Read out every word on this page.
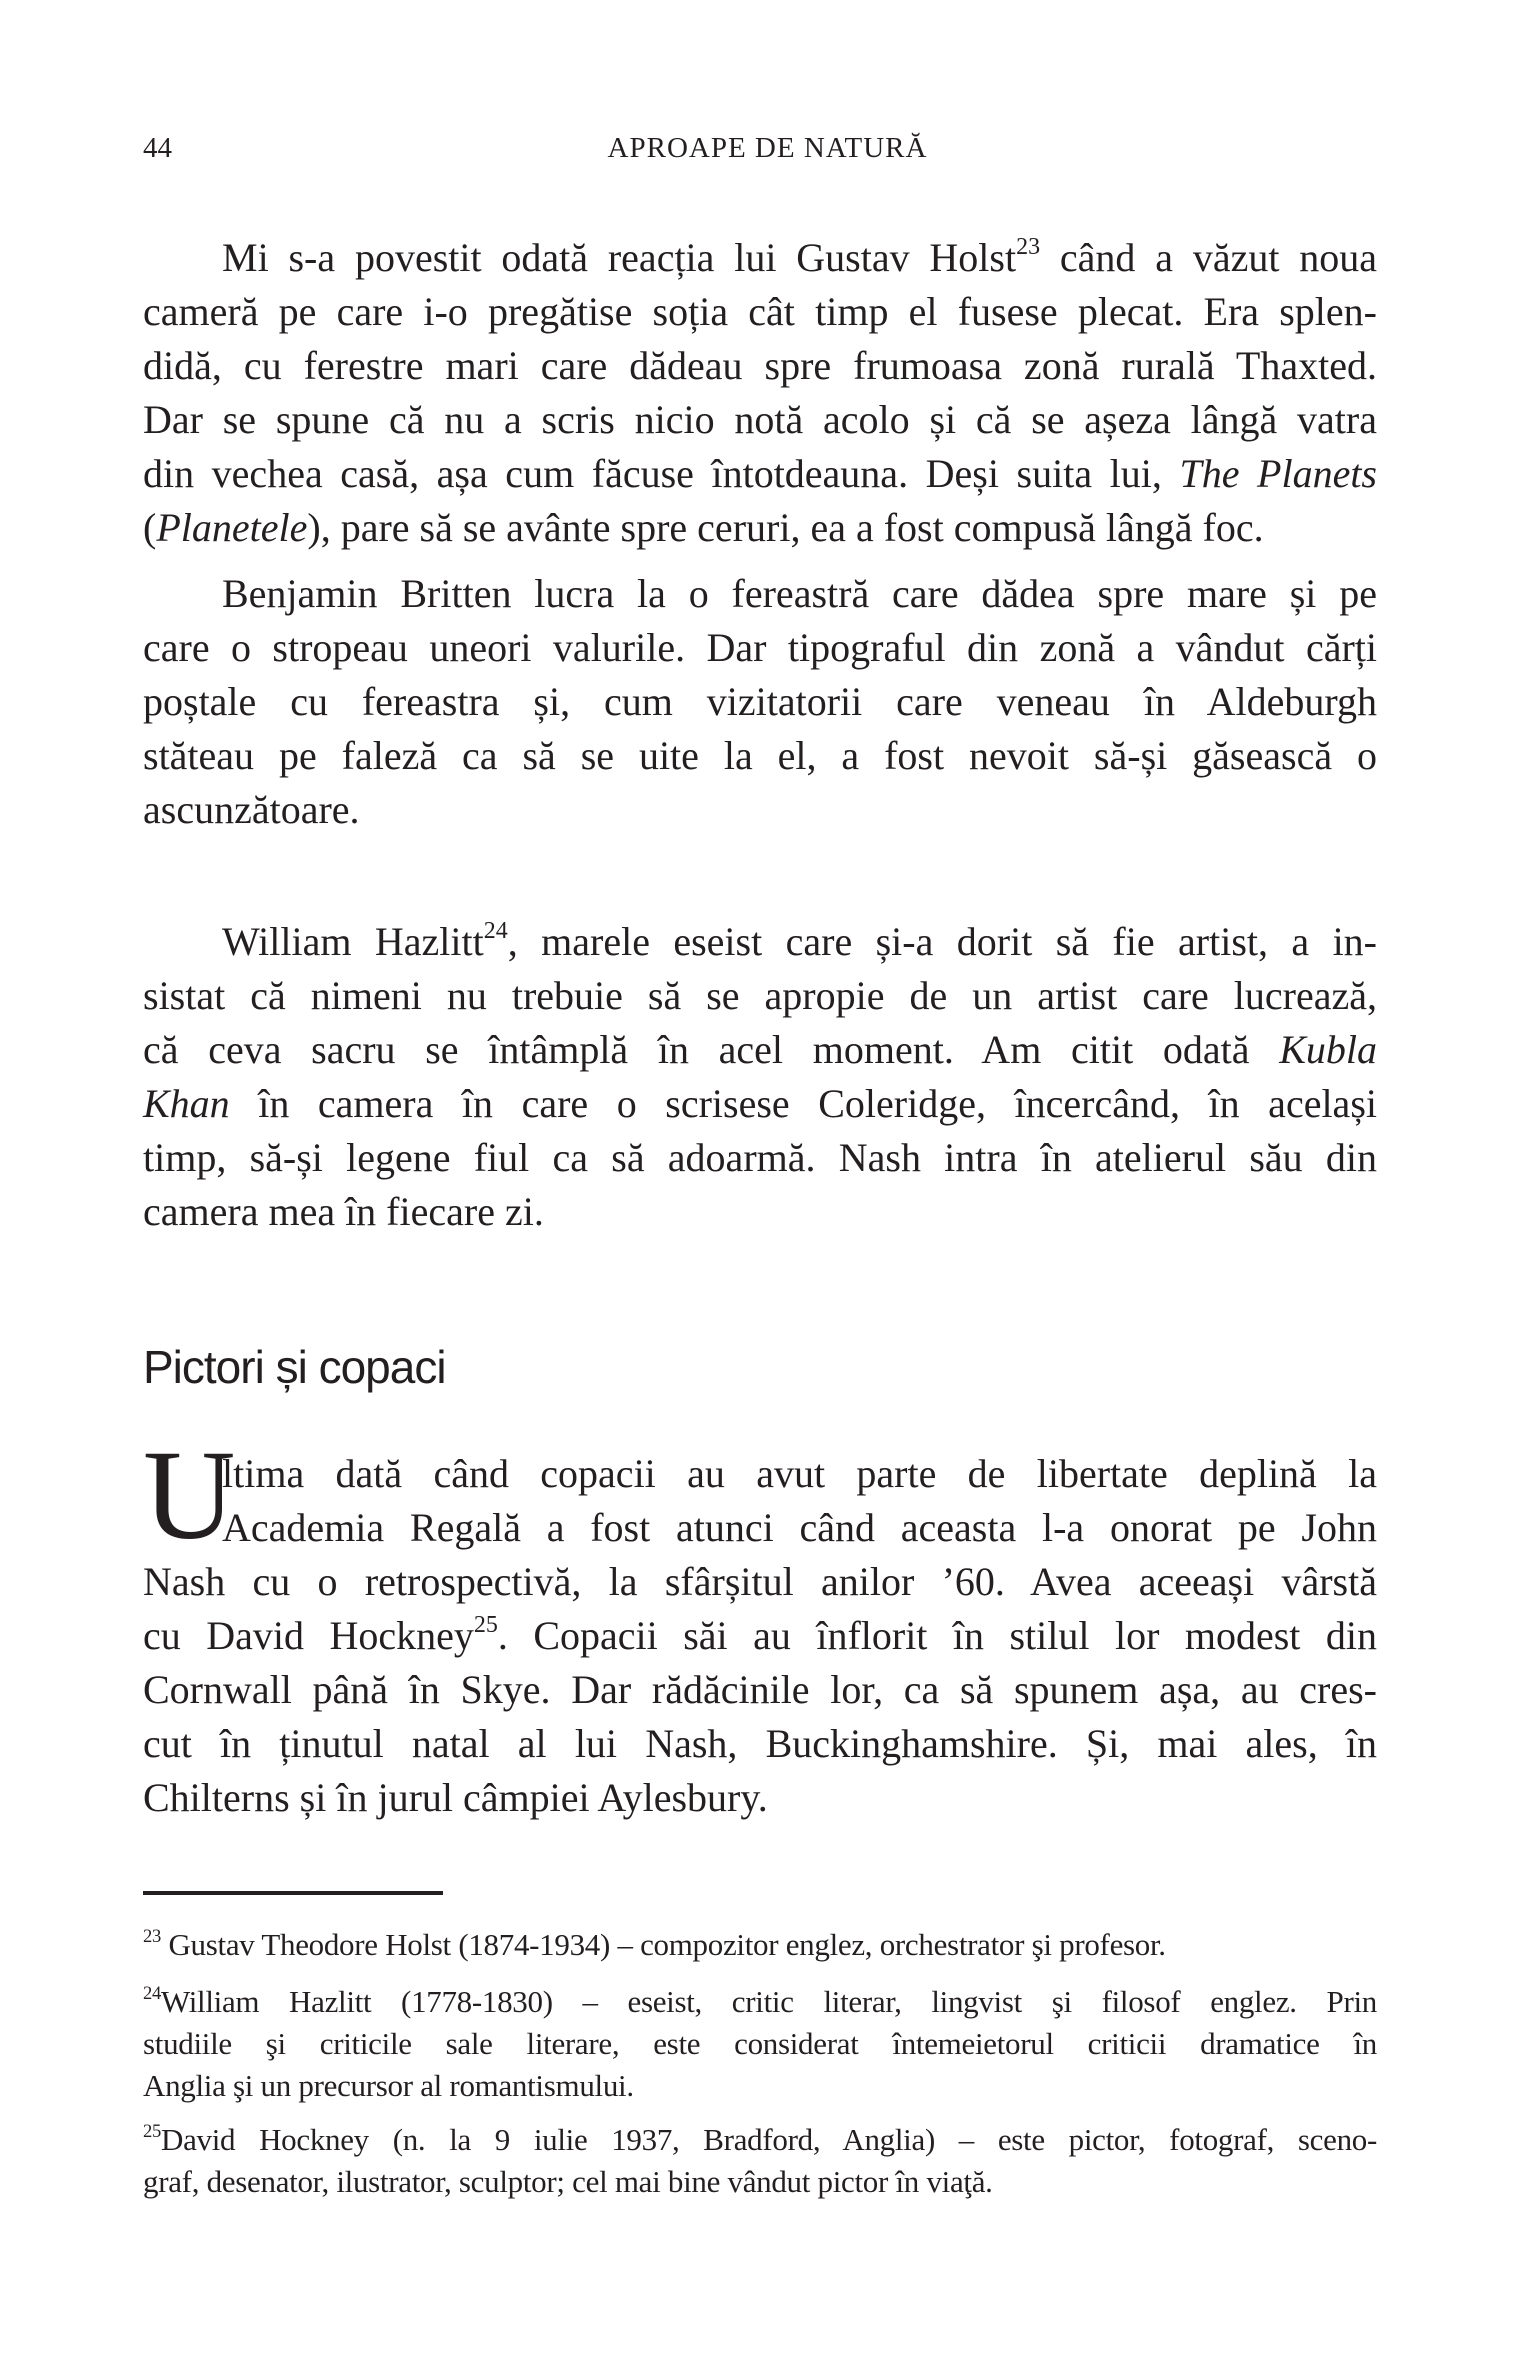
44	APROAPE DE NATURĂ
Mi s-a povestit odată reacția lui Gustav Holst$^{23}$ când a văzut noua
cameră pe care i-o pregătise soția cât timp el fusese plecat. Era splen-
didă, cu ferestre mari care dădeau spre frumoasa zonă rurală Thaxted.
Dar se spune că nu a scris nicio notă acolo și că se așeza lângă vatra
din vechea casă, așa cum făcuse întotdeauna. Deși suita lui, The Planets
(Planetele), pare să se avânte spre ceruri, ea a fost compusă lângă foc.
Benjamin Britten lucra la o fereastră care dădea spre mare și pe
care o stropeau uneori valurile. Dar tipograful din zonă a vândut cărți
poștale cu fereastra și, cum vizitatorii care veneau în Aldeburgh
stăteau pe faleză ca să se uite la el, a fost nevoit să-și găsească o
ascunzătoare.
William Hazlitt$^{24}$, marele eseist care și-a dorit să fie artist, a in-
sistat că nimeni nu trebuie să se apropie de un artist care lucrează,
că ceva sacru se întâmplă în acel moment. Am citit odată Kubla
Khan în camera în care o scrisese Coleridge, încercând, în același
timp, să-și legene fiul ca să adoarmă. Nash intra în atelierul său din
camera mea în fiecare zi.
Pictori și copaci
U
ltima dată când copacii au avut parte de libertate deplină la
Academia Regală a fost atunci când aceasta l-a onorat pe John
Nash cu o retrospectivă, la sfârșitul anilor ’60. Avea aceeași vârstă
cu David Hockney$^{25}$. Copacii săi au înflorit în stilul lor modest din
Cornwall până în Skye. Dar rădăcinile lor, ca să spunem așa, au cres-
cut în ținutul natal al lui Nash, Buckinghamshire. Și, mai ales, în
Chilterns și în jurul câmpiei Aylesbury.
$^{23}$ Gustav Theodore Holst (1874-1934) – compozitor englez, orchestrator şi profesor.
$^{24}$William Hazlitt (1778-1830) – eseist, critic literar, lingvist şi filosof englez. Prin
studiile şi criticile sale literare, este considerat întemeietorul criticii dramatice în
Anglia şi un precursor al romantismului.
$^{25}$David Hockney (n. la 9 iulie 1937, Bradford, Anglia) – este pictor, fotograf, sceno-
graf, desenator, ilustrator, sculptor; cel mai bine vândut pictor în viaţă.
